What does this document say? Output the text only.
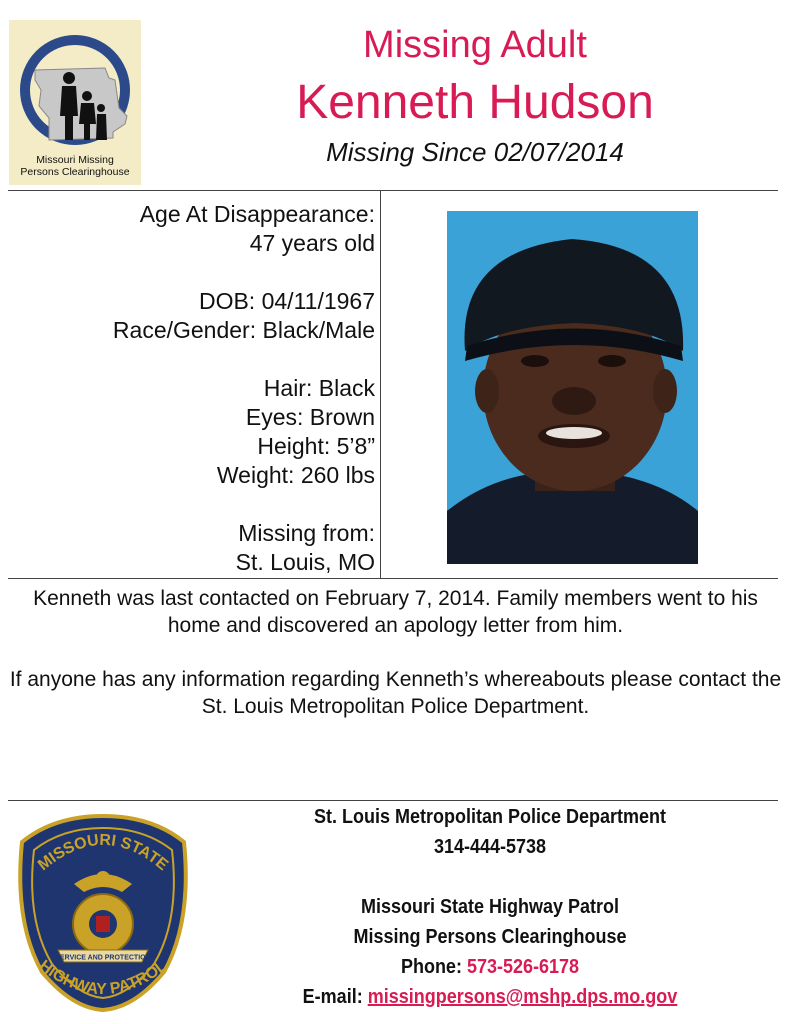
Missouri Missing
Persons Clearinghouse
Missing Adult
Kenneth Hudson
Missing Since 02/07/2014
Age At Disappearance:
47 years old
DOB: 04/11/1967
Race/Gender: Black/Male
Hair: Black
Eyes: Brown
Height: 5’8”
Weight: 260 lbs
Missing from:
St. Louis, MO

Kenneth was last contacted on February 7, 2014. Family members went to his home and discovered an apology letter from him.

If anyone has any information regarding Kenneth’s whereabouts please contact the St. Louis Metropolitan Police Department.

MISSOURI STATE
HIGHWAY PATROL
SERVICE AND PROTECTION
St. Louis Metropolitan Police Department
314-444-5738
Missouri State Highway Patrol
Missing Persons Clearinghouse
Phone: 573-526-6178
E-mail: missingpersons@mshp.dps.mo.gov
